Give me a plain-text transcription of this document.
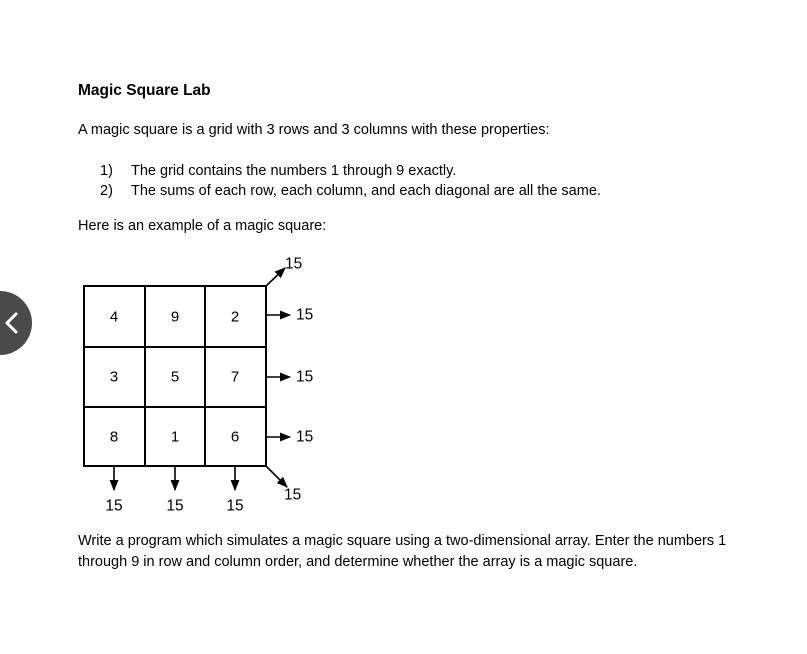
Magic Square Lab

A magic square is a grid with 3 rows and 3 columns with these properties:

1) The grid contains the numbers 1 through 9 exactly.
2) The sums of each row, each column, and each diagonal are all the same.

Here is an example of a magic square:

4	9	2
3	5	7
8	1	6
15
15
15
15	15	15
15
15

Write a program which simulates a magic square using a two-dimensional array. Enter the numbers 1 through 9 in row and column order, and determine whether the array is a magic square.
